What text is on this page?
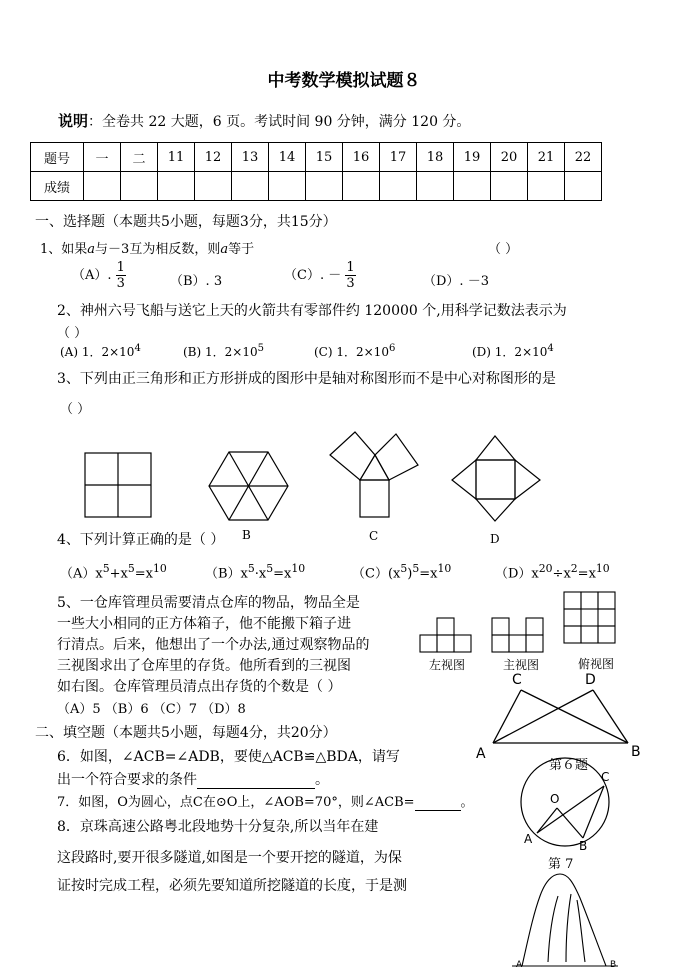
中考数学模拟试题８
说明：全卷共 22 大题，6 页。考试时间 90 分钟，满分 120 分。
题号	一	二	11	12	13	14	15	16	17	18	19	20	21	22
成绩														
一、选择题（本题共5小题，每题3分，共15分）
1、如果a与－3互为相反数，则a等于	（ ）
（A）. $\frac{1}{3}$	（B）. 3	（C）. － $\frac{1}{3}$	（D）. －3
2、神州六号飞船与送它上天的火箭共有零部件约 120000 个,用科学记数法表示为
（ ）
(A) 1．$2\times 10^4$	(B) 1．$2\times 10^5$	(C) 1．$2\times 10^6$	(D) 1．$2\times 10^4$
3、下列由正三角形和正方形拼成的图形中是轴对称图形而不是中心对称图形的是
（ ）
B	C	D
4、下列计算正确的是（ ）
$(A)x^5+x^5=x^{10}$	$(B)x^5\cdot x^5=x^{10}$	$(C)(x^5)^5=x^{10}$	$(D)x^{20}\div x^2=x^{10}$
5、一仓库管理员需要清点仓库的物品，物品全是
一些大小相同的正方体箱子，他不能搬下箱子进
行清点。后来，他想出了一个办法,通过观察物品的
三视图求出了仓库里的存货。他所看到的三视图
如右图。仓库管理员清点出存货的个数是（ ）
（A）5 （B）6 （C）7 （D）8
左视图	主视图	俯视图
二、填空题（本题共5小题，每题4分，共20分）
C	D
A	B
第６题
6．如图，∠ACB=∠ADB，要使△ACB≌△BDA，请写
出一个符合要求的条件	。
7．如图，O为圆心，点C在⊙O上，∠AOB=70°，则∠ACB=	。	O
C
A	B
第 7
8．京珠高速公路粤北段地势十分复杂,所以当年在建
这段路时,要开很多隧道,如图是一个要开挖的隧道，为保
证按时完成工程，必须先要知道所挖隧道的长度，于是测
A	B
